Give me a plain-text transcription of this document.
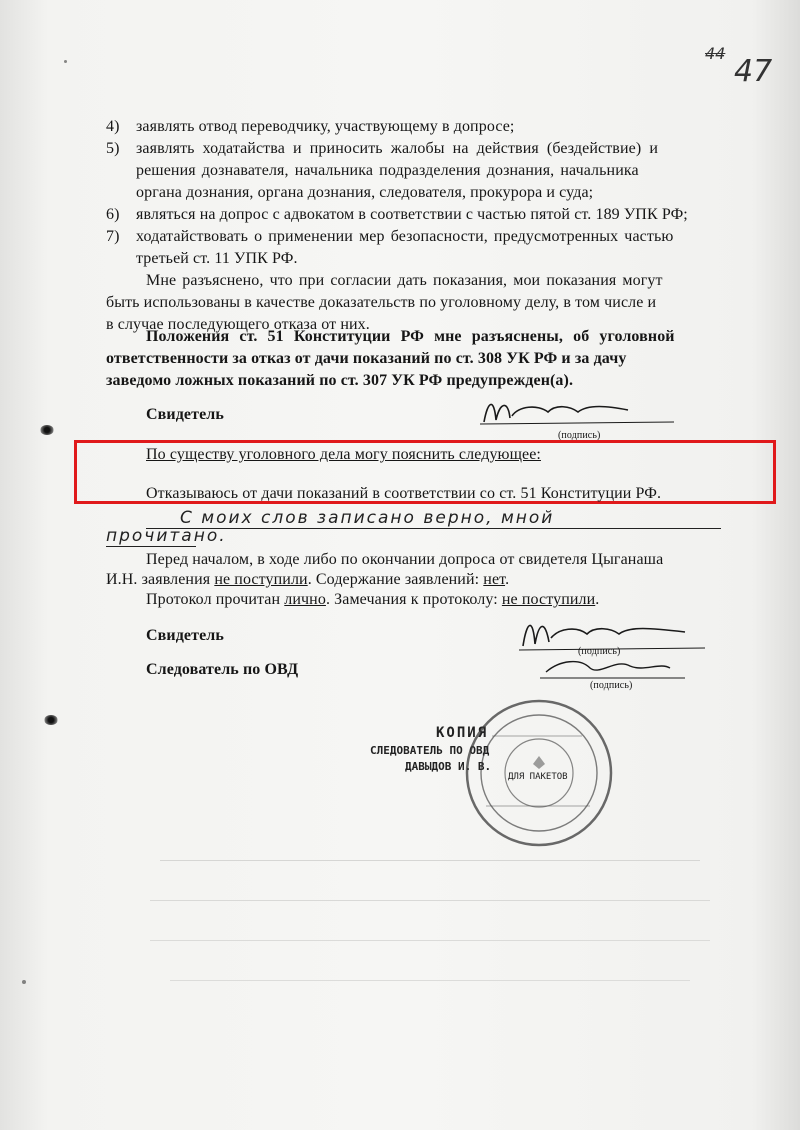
44
47
4) заявлять отвод переводчику, участвующему в допросе;
5) заявлять ходатайства и приносить жалобы на действия (бездействие) и
решения дознавателя, начальника подразделения дознания, начальника
органа дознания, органа дознания, следователя, прокурора и суда;
6) являться на допрос с адвокатом в соответствии с частью пятой ст. 189 УПК РФ;
7) ходатайствовать о применении мер безопасности, предусмотренных частью
третьей ст. 11 УПК РФ.
Мне разъяснено, что при согласии дать показания, мои показания могут
быть использованы в качестве доказательств по уголовному делу, в том числе и
в случае последующего отказа от них.
Положения ст. 51 Конституции РФ мне разъяснены, об уголовной
ответственности за отказ от дачи показаний по ст. 308 УК РФ и за дачу
заведомо ложных показаний по ст. 307 УК РФ предупрежден(а).
Свидетель
(подпись)
По существу уголовного дела могу пояснить следующее:
Отказываюсь от дачи показаний в соответствии со ст. 51 Конституции РФ.
С моих слов записано верно, мной
прочитано.
Перед началом, в ходе либо по окончании допроса от свидетеля Цыганаша
И.Н. заявления не поступили. Содержание заявлений: нет.
Протокол прочитан лично. Замечания к протоколу: не поступили.
Свидетель
(подпись)
Следователь по ОВД
(подпись)
КОПИЯ
СЛЕДОВАТЕЛЬ ПО ОВД
ДАВЫДОВ И. В.
ДЛЯ ПАКЕТОВ
